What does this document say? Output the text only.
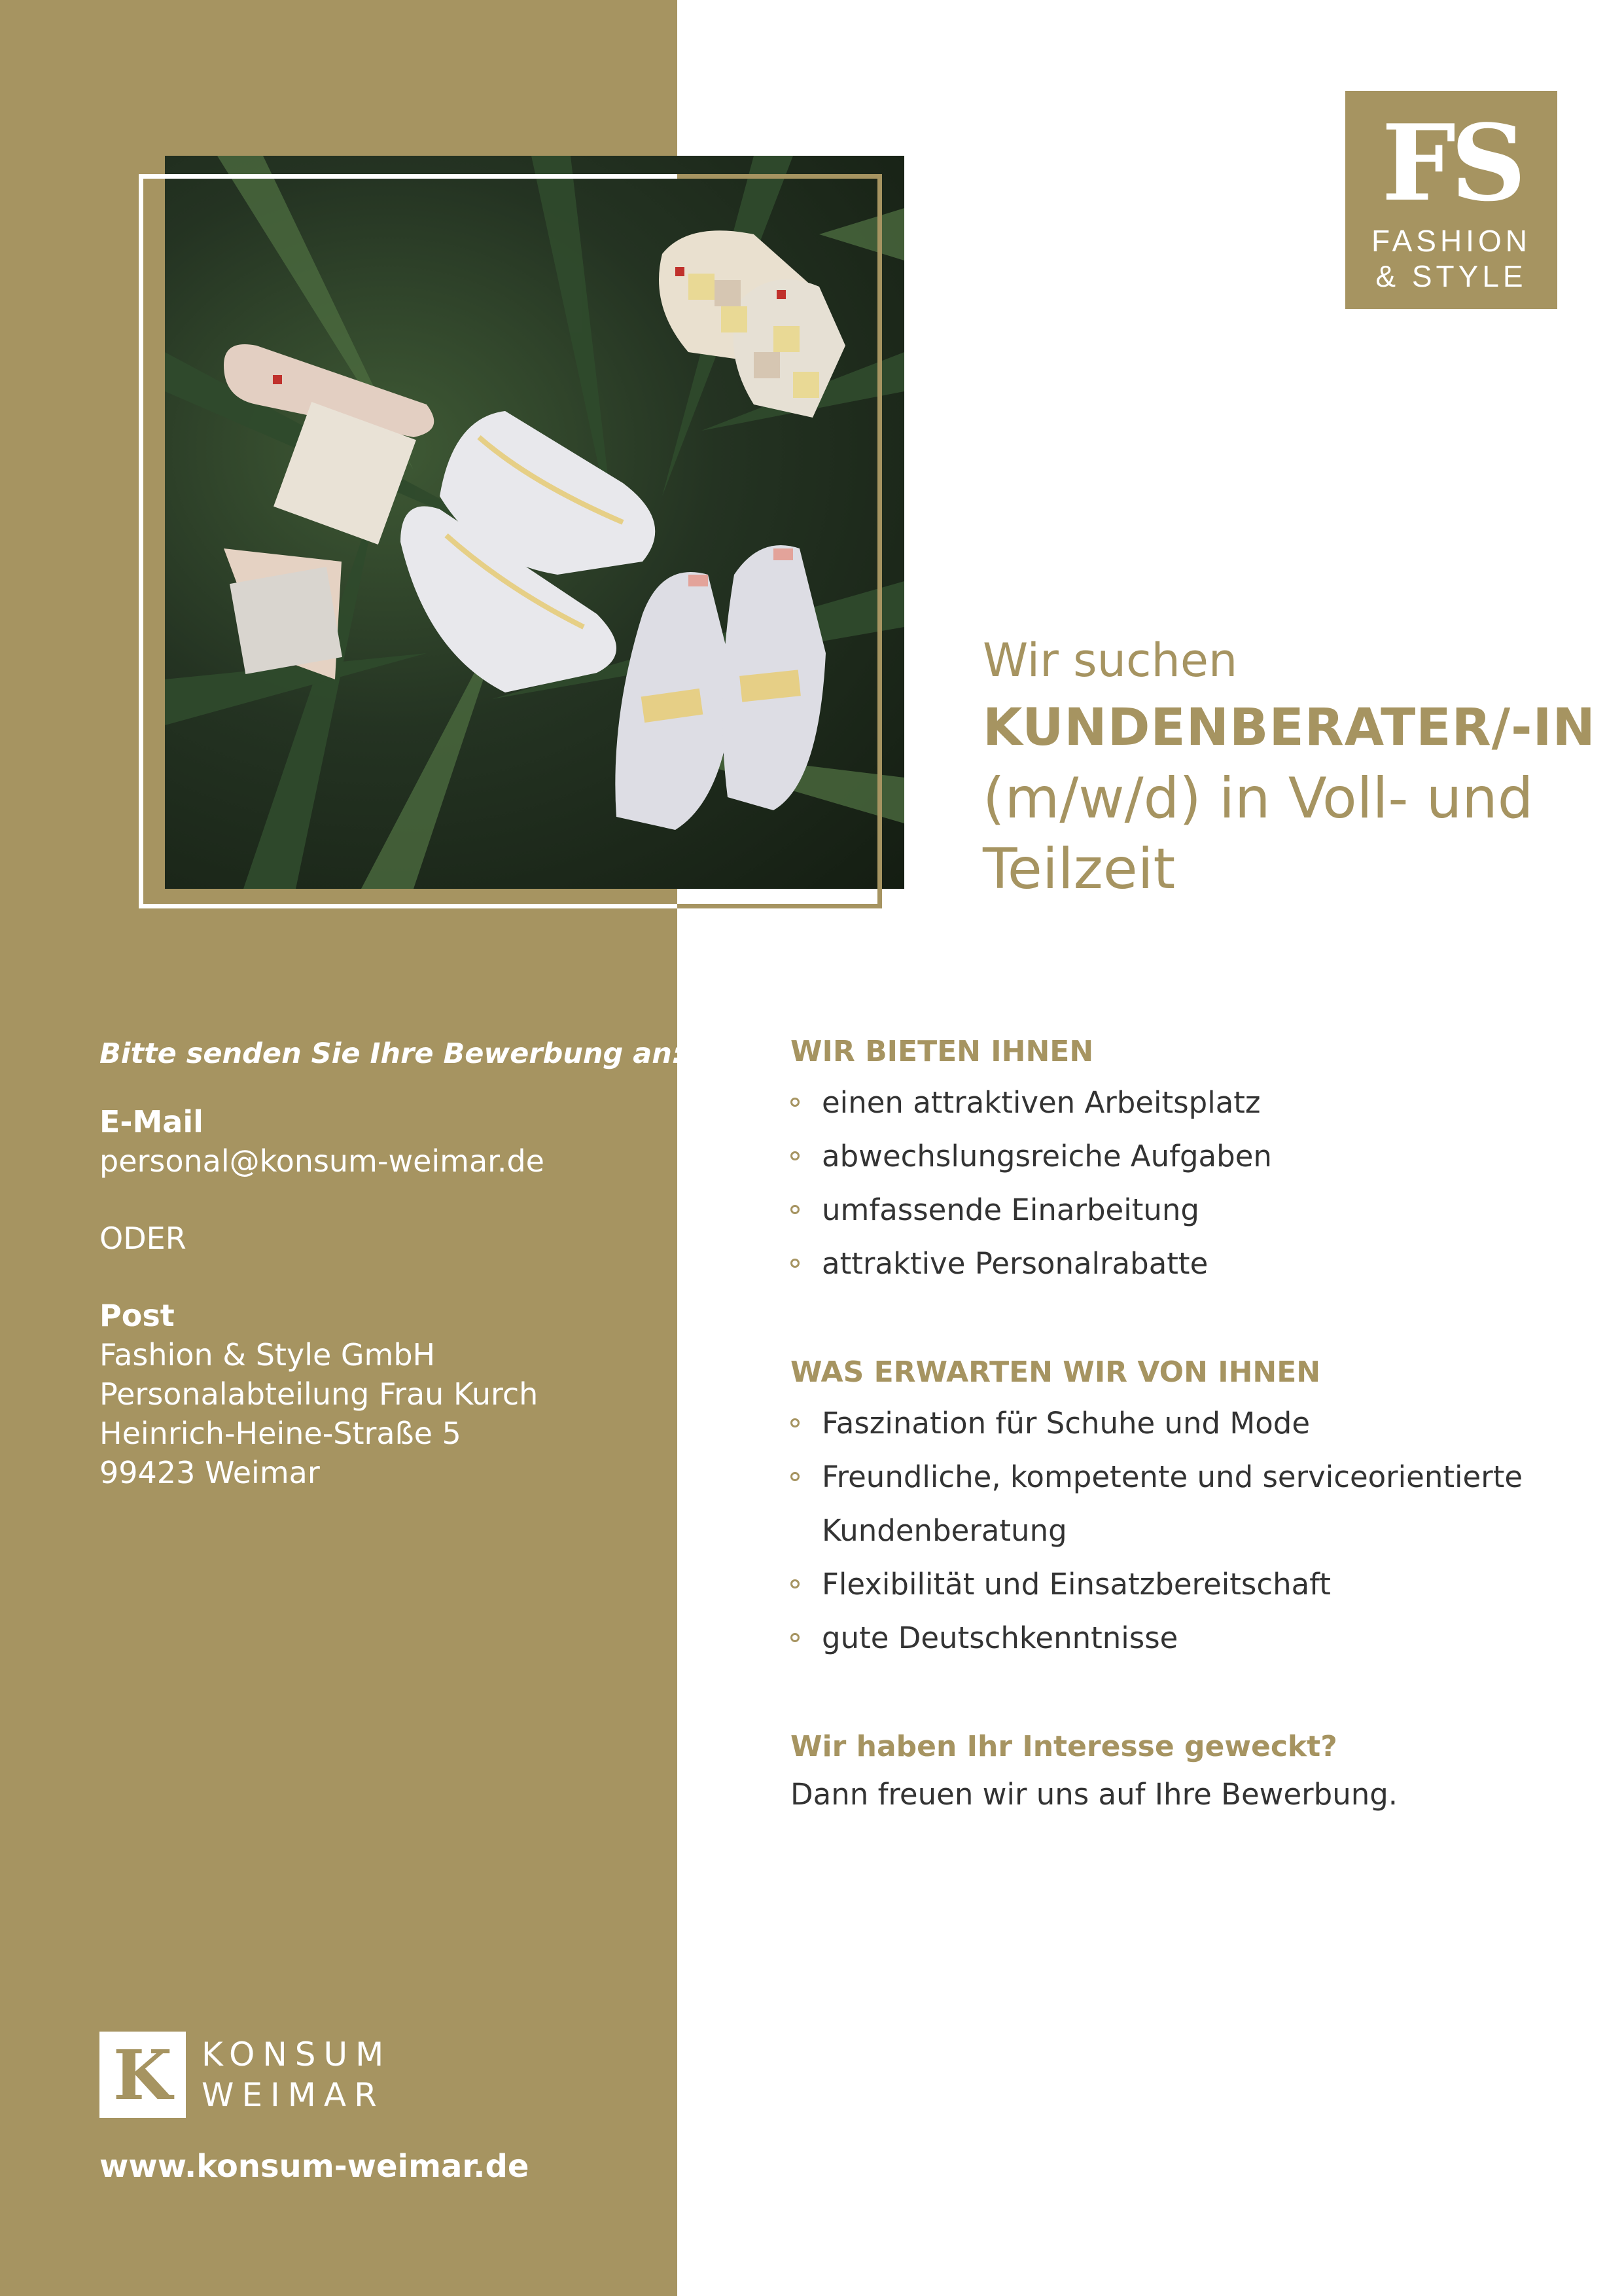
FS
FASHION
& STYLE
Wir suchen
KUNDENBERATER/-IN
(m/w/d) in Voll- und
Teilzeit
Bitte senden Sie Ihre Bewerbung an:
E-Mail
personal@konsum-weimar.de
ODER
Post
Fashion & Style GmbH
Personalabteilung Frau Kurch
Heinrich-Heine-Straße 5
99423 Weimar
K KONSUM
WEIMAR
www.konsum-weimar.de
WIR BIETEN IHNEN
einen attraktiven Arbeitsplatz
abwechslungsreiche Aufgaben
umfassende Einarbeitung
attraktive Personalrabatte
WAS ERWARTEN WIR VON IHNEN
Faszination für Schuhe und Mode
Freundliche, kompetente und serviceorientierte
Kundenberatung
Flexibilität und Einsatzbereitschaft
gute Deutschkenntnisse
Wir haben Ihr Interesse geweckt?
Dann freuen wir uns auf Ihre Bewerbung.
